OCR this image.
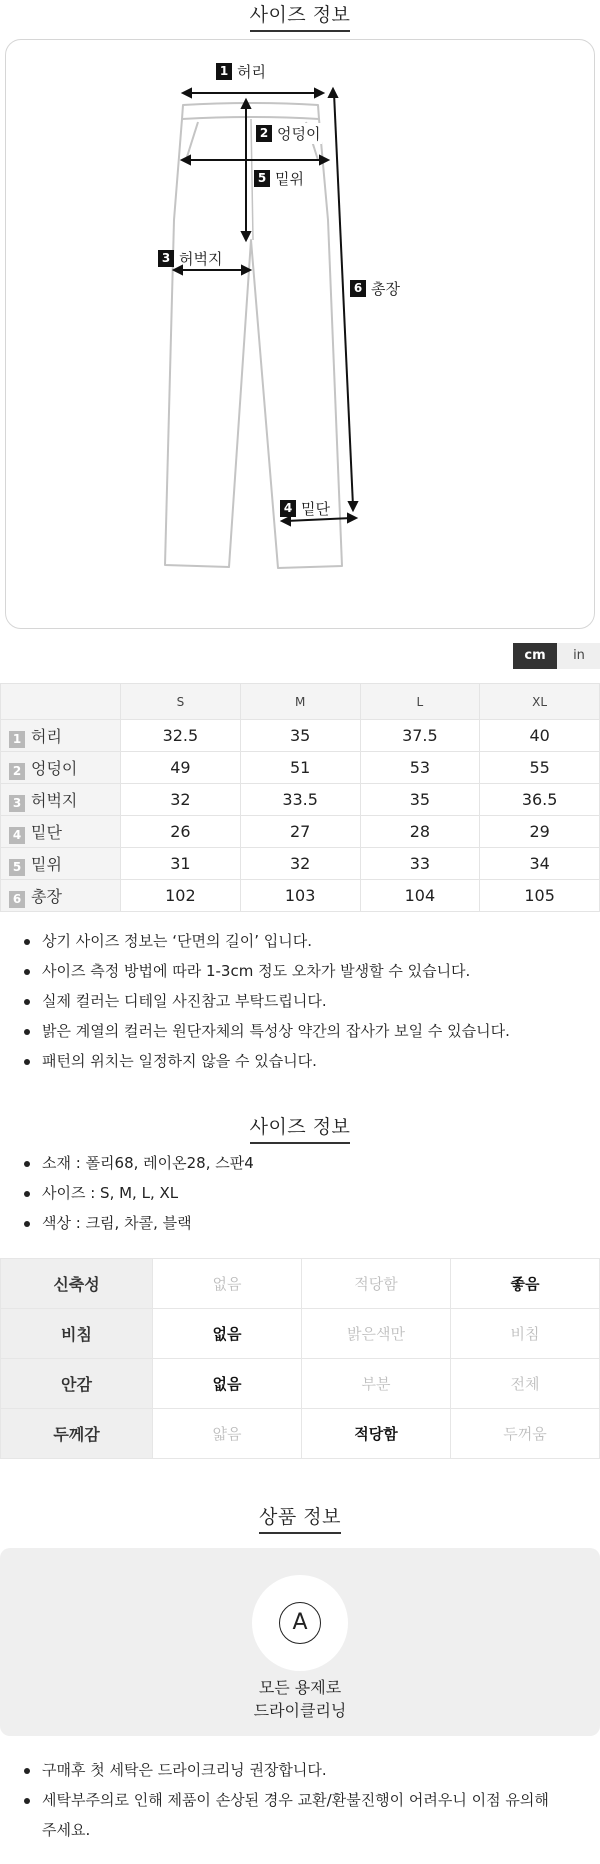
사이즈 정보
1 허리
2 엉덩이
5 밑위
3 허벅지
6 총장
4 밑단
cm	in
	S	M	L	XL
1 허리	32.5	35	37.5	40
2 엉덩이	49	51	53	55
3 허벅지	32	33.5	35	36.5
4 밑단	26	27	28	29
5 밑위	31	32	33	34
6 총장	102	103	104	105
상기 사이즈 정보는 ‘단면의 길이’ 입니다.
사이즈 측정 방법에 따라 1-3cm 정도 오차가 발생할 수 있습니다.
실제 컬러는 디테일 사진참고 부탁드립니다.
밝은 계열의 컬러는 원단자체의 특성상 약간의 잡사가 보일 수 있습니다.
패턴의 위치는 일정하지 않을 수 있습니다.
사이즈 정보
소재 : 폴리68, 레이온28, 스판4
사이즈 : S, M, L, XL
색상 : 크림, 차콜, 블랙
신축성	없음	적당함	좋음
비침	없음	밝은색만	비침
안감	없음	부분	전체
두께감	얇음	적당함	두꺼움
상품 정보
A
모든 용제로
드라이클리닝
구매후 첫 세탁은 드라이크리닝 권장합니다.
세탁부주의로 인해 제품이 손상된 경우 교환/환불진행이 어려우니 이점 유의해
주세요.
